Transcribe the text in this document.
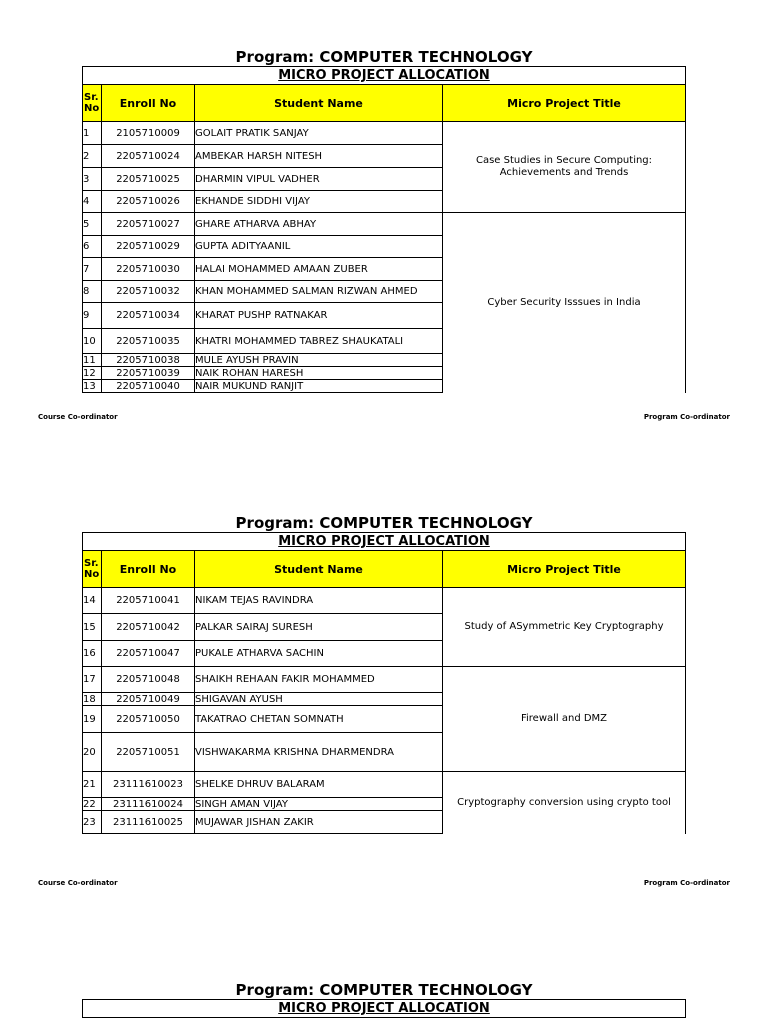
Program: COMPUTER TECHNOLOGY
MICRO PROJECT ALLOCATION			
Sr. No	Enroll No	Student Name	Micro Project Title
1	2105710009	GOLAIT PRATIK SANJAY	Case Studies in Secure Computing: Achievements and Trends
2	2205710024	AMBEKAR HARSH NITESH	
3	2205710025	DHARMIN VIPUL VADHER	
4	2205710026	EKHANDE SIDDHI VIJAY	
5	2205710027	GHARE ATHARVA ABHAY	Cyber Security Isssues in India
6	2205710029	GUPTA ADITYAANIL	
7	2205710030	HALAI MOHAMMED AMAAN ZUBER	
8	2205710032	KHAN MOHAMMED SALMAN RIZWAN AHMED	
9	2205710034	KHARAT PUSHP RATNAKAR	
10	2205710035	KHATRI MOHAMMED TABREZ SHAUKATALI	
11	2205710038	MULE AYUSH PRAVIN	
12	2205710039	NAIK ROHAN HARESH	
13	2205710040	NAIR MUKUND RANJIT	
Course Co-ordinator	Program Co-ordinator
Program: COMPUTER TECHNOLOGY
MICRO PROJECT ALLOCATION			
Sr. No	Enroll No	Student Name	Micro Project Title
14	2205710041	NIKAM TEJAS RAVINDRA	Study of ASymmetric Key Cryptography
15	2205710042	PALKAR SAIRAJ SURESH	
16	2205710047	PUKALE ATHARVA SACHIN	
17	2205710048	SHAIKH REHAAN FAKIR MOHAMMED	Firewall and DMZ
18	2205710049	SHIGAVAN AYUSH	
19	2205710050	TAKATRAO CHETAN SOMNATH	
20	2205710051	VISHWAKARMA KRISHNA DHARMENDRA	
21	23111610023	SHELKE DHRUV BALARAM	Cryptography conversion using crypto tool
22	23111610024	SINGH AMAN VIJAY	
23	23111610025	MUJAWAR JISHAN ZAKIR	
Course Co-ordinator	Program Co-ordinator
Program: COMPUTER TECHNOLOGY
MICRO PROJECT ALLOCATION
